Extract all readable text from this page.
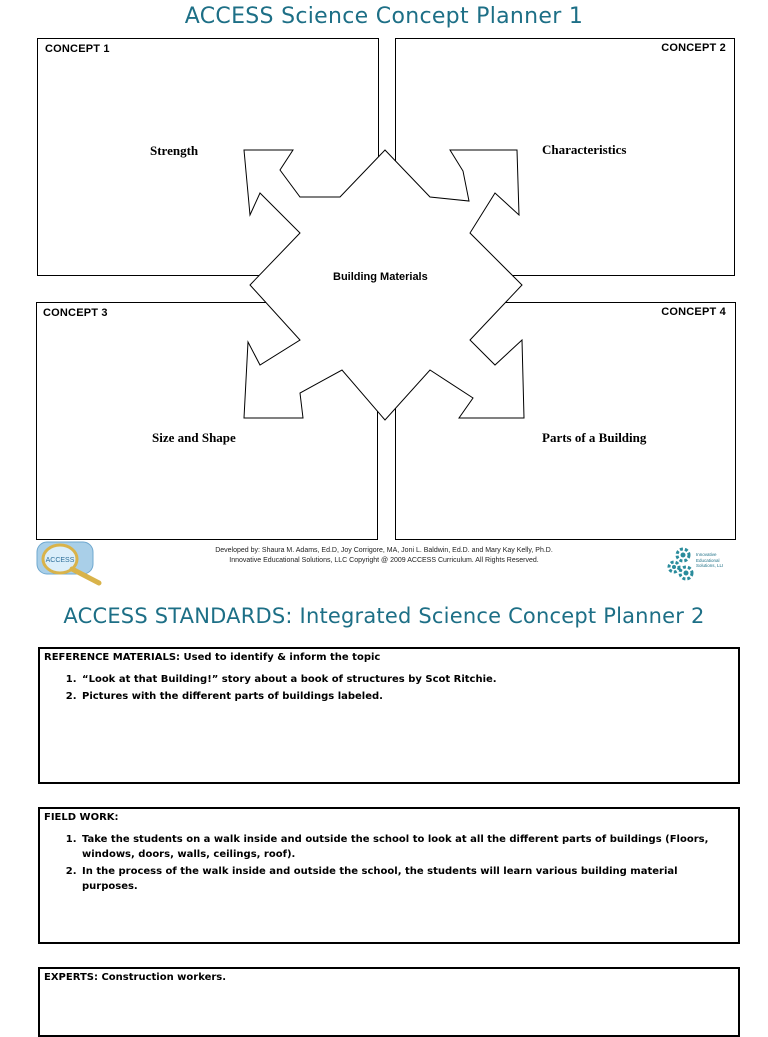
ACCESS Science Concept Planner 1
CONCEPT 1	CONCEPT 2
CONCEPT 3	CONCEPT 4
Strength	Characteristics
Size and Shape	Parts of a Building
Building Materials
ACCESS
Developed by: Shaura M. Adams, Ed.D, Joy Corrigore, MA, Joni L. Baldwin, Ed.D. and Mary Kay Kelly, Ph.D.
Innovative Educational Solutions, LLC Copyright @ 2009 ACCESS Curriculum. All Rights Reserved.
Innovative Educational Solutions, LLI
ACCESS STANDARDS: Integrated Science Concept Planner 2
REFERENCE MATERIALS: Used to identify & inform the topic
1. “Look at that Building!” story about a book of structures by Scot Ritchie.
2. Pictures with the different parts of buildings labeled.
FIELD WORK:
1. Take the students on a walk inside and outside the school to look at all the different parts of buildings (Floors, windows, doors, walls, ceilings, roof).
2. In the process of the walk inside and outside the school, the students will learn various building material purposes.
EXPERTS: Construction workers.
